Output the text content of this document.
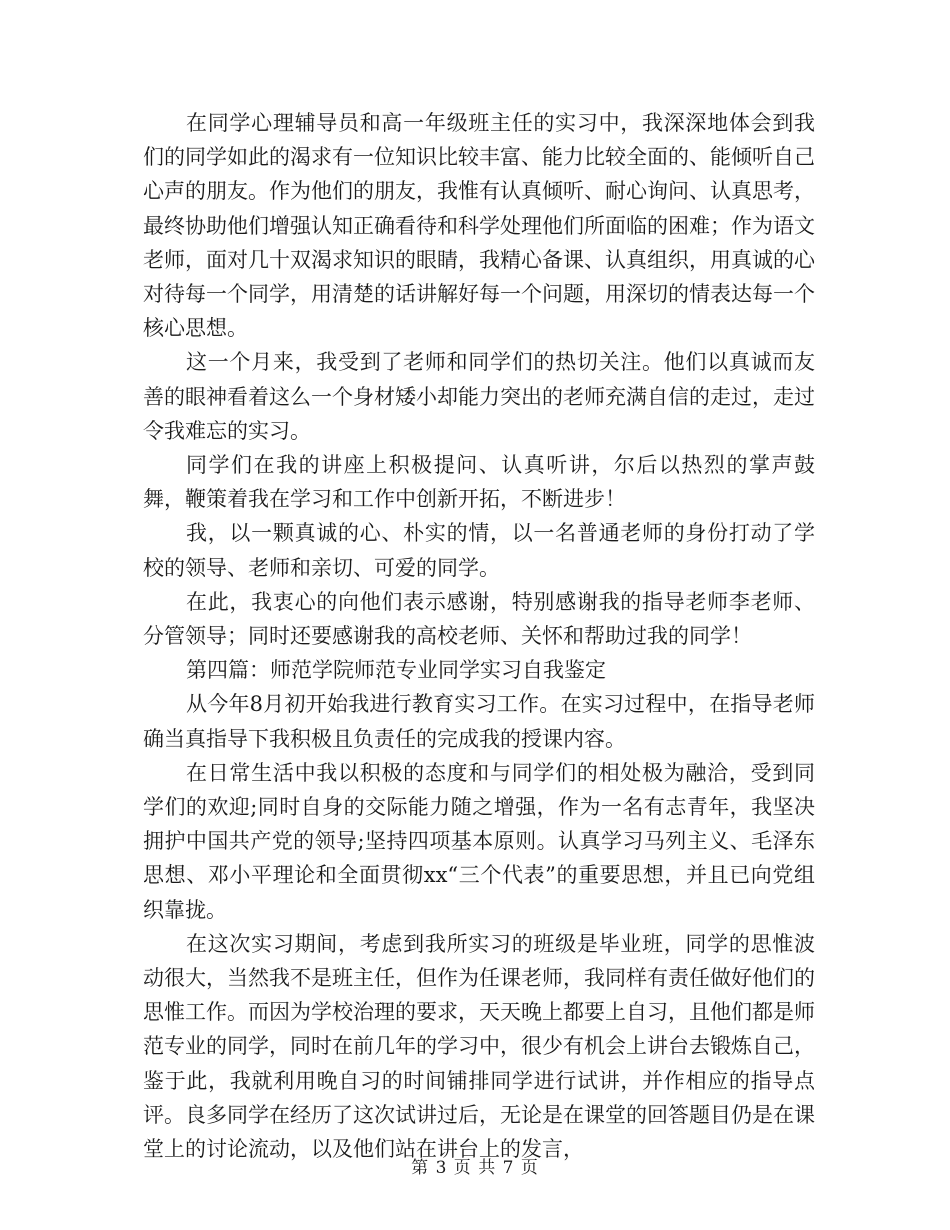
在同学心理辅导员和高一年级班主任的实习中，我深深地体会到我们的同学如此的渴求有一位知识比较丰富、能力比较全面的、能倾听自己心声的朋友。作为他们的朋友，我惟有认真倾听、耐心询问、认真思考，最终协助他们增强认知正确看待和科学处理他们所面临的困难；作为语文老师，面对几十双渴求知识的眼睛，我精心备课、认真组织，用真诚的心对待每一个同学，用清楚的话讲解好每一个问题，用深切的情表达每一个核心思想。

这一个月来，我受到了老师和同学们的热切关注。他们以真诚而友善的眼神看着这么一个身材矮小却能力突出的老师充满自信的走过，走过令我难忘的实习。

同学们在我的讲座上积极提问、认真听讲，尔后以热烈的掌声鼓舞，鞭策着我在学习和工作中创新开拓，不断进步！

我，以一颗真诚的心、朴实的情，以一名普通老师的身份打动了学校的领导、老师和亲切、可爱的同学。

在此，我衷心的向他们表示感谢，特别感谢我的指导老师李老师、分管领导；同时还要感谢我的高校老师、关怀和帮助过我的同学！

第四篇：师范学院师范专业同学实习自我鉴定

从今年8月初开始我进行教育实习工作。在实习过程中，在指导老师确当真指导下我积极且负责任的完成我的授课内容。

在日常生活中我以积极的态度和与同学们的相处极为融洽，受到同学们的欢迎;同时自身的交际能力随之增强，作为一名有志青年，我坚决拥护中国共产党的领导;坚持四项基本原则。认真学习马列主义、毛泽东思想、邓小平理论和全面贯彻xx“三个代表”的重要思想，并且已向党组织靠拢。

在这次实习期间，考虑到我所实习的班级是毕业班，同学的思惟波动很大，当然我不是班主任，但作为任课老师，我同样有责任做好他们的思惟工作。而因为学校治理的要求，天天晚上都要上自习，且他们都是师范专业的同学，同时在前几年的学习中，很少有机会上讲台去锻炼自己，鉴于此，我就利用晚自习的时间铺排同学进行试讲，并作相应的指导点评。良多同学在经历了这次试讲过后，无论是在课堂的回答题目仍是在课堂上的讨论流动，以及他们站在讲台上的发言，

第 3 页 共 7 页
